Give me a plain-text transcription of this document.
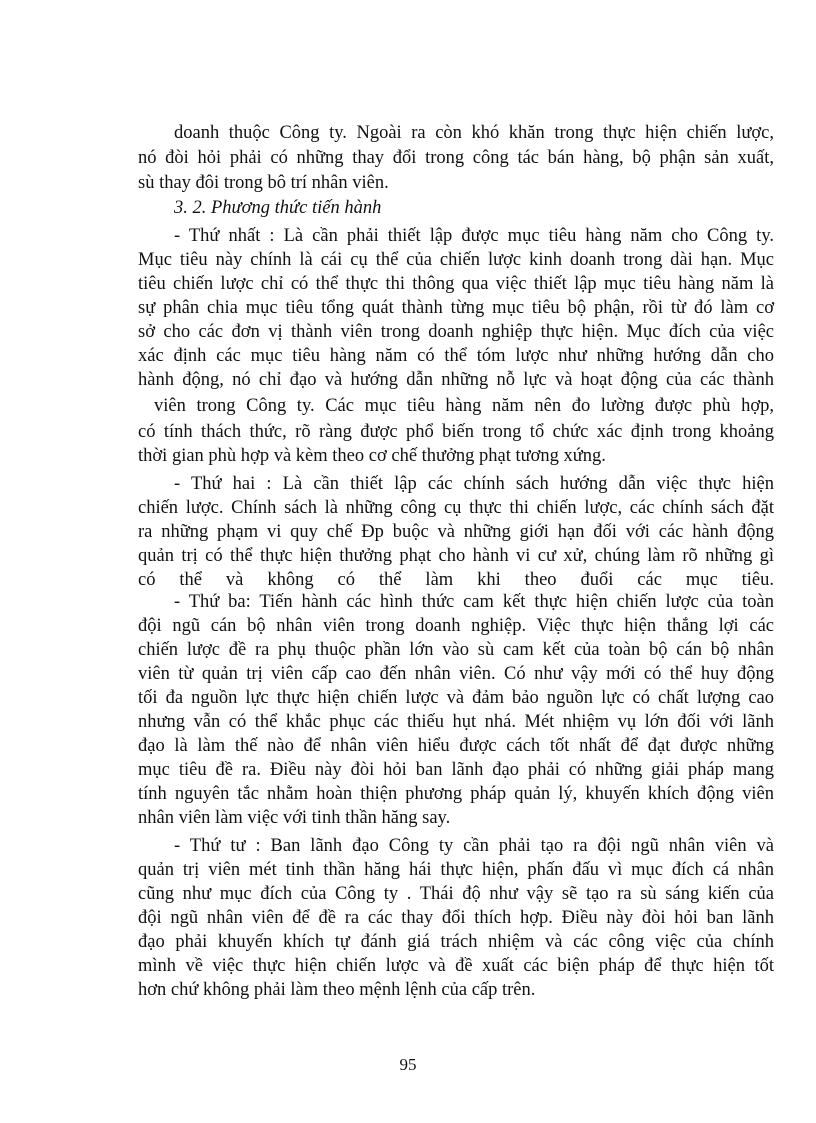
doanh thuộc Công ty. Ngoài ra còn khó khăn trong thực hiện chiến lược,
nó đòi hỏi phải có những thay đổi trong công tác bán hàng, bộ phận sản xuất,
sù thay đôi trong bô trí nhân viên.
3. 2. Phương thức tiến hành
- Thứ nhất : Là cần phải thiết lập được mục tiêu hàng năm cho Công ty.
Mục tiêu này chính là cái cụ thể của chiến lược kinh doanh trong dài hạn. Mục
tiêu chiến lược chỉ có thể thực thi thông qua việc thiết lập mục tiêu hàng năm là
sự phân chia mục tiêu tổng quát thành từng mục tiêu bộ phận, rồi từ đó làm cơ
sở cho các đơn vị thành viên trong doanh nghiệp thực hiện. Mục đích của việc
xác định các mục tiêu hàng năm có thể tóm lược như những hướng dẫn cho
hành động, nó chỉ đạo và hướng dẫn những nỗ lực và hoạt động của các thành
viên trong Công ty. Các mục tiêu hàng năm nên đo lường được phù hợp,
có tính thách thức, rõ ràng được phổ biến trong tổ chức xác định trong khoảng
thời gian phù hợp và kèm theo cơ chế thưởng phạt tương xứng.
- Thứ hai : Là cần thiết lập các chính sách hướng dẫn việc thực hiện
chiến lược. Chính sách là những công cụ thực thi chiến lược, các chính sách đặt
ra những phạm vi quy chế Đp buộc và những giới hạn đối với các hành động
quản trị có thể thực hiện thưởng phạt cho hành vi cư xử, chúng làm rõ những gì
có thể và không có thể làm khi theo đuổi các mục tiêu.
- Thứ ba: Tiến hành các hình thức cam kết thực hiện chiến lược của toàn
đội ngũ cán bộ nhân viên trong doanh nghiệp. Việc thực hiện thắng lợi các
chiến lược đề ra phụ thuộc phần lớn vào sù cam kết của toàn bộ cán bộ nhân
viên từ quản trị viên cấp cao đến nhân viên. Có như vậy mới có thể huy động
tối đa nguồn lực thực hiện chiến lược và đảm bảo nguồn lực có chất lượng cao
nhưng vẫn có thể khắc phục các thiếu hụt nhá. Mét nhiệm vụ lớn đối với lãnh
đạo là làm thế nào để nhân viên hiểu được cách tốt nhất để đạt được những
mục tiêu đề ra. Điều này đòi hỏi ban lãnh đạo phải có những giải pháp mang
tính nguyên tắc nhằm hoàn thiện phương pháp quản lý, khuyến khích động viên
nhân viên làm việc với tinh thần hăng say.
- Thứ tư : Ban lãnh đạo Công ty cần phải tạo ra đội ngũ nhân viên và
quản trị viên mét tinh thần hăng hái thực hiện, phấn đấu vì mục đích cá nhân
cũng như mục đích của Công ty . Thái độ như vậy sẽ tạo ra sù sáng kiến của
đội ngũ nhân viên để đề ra các thay đổi thích hợp. Điều này đòi hỏi ban lãnh
đạo phải khuyến khích tự đánh giá trách nhiệm và các công việc của chính
mình về việc thực hiện chiến lược và đề xuất các biện pháp để thực hiện tốt
hơn chứ không phải làm theo mệnh lệnh của cấp trên.
95
